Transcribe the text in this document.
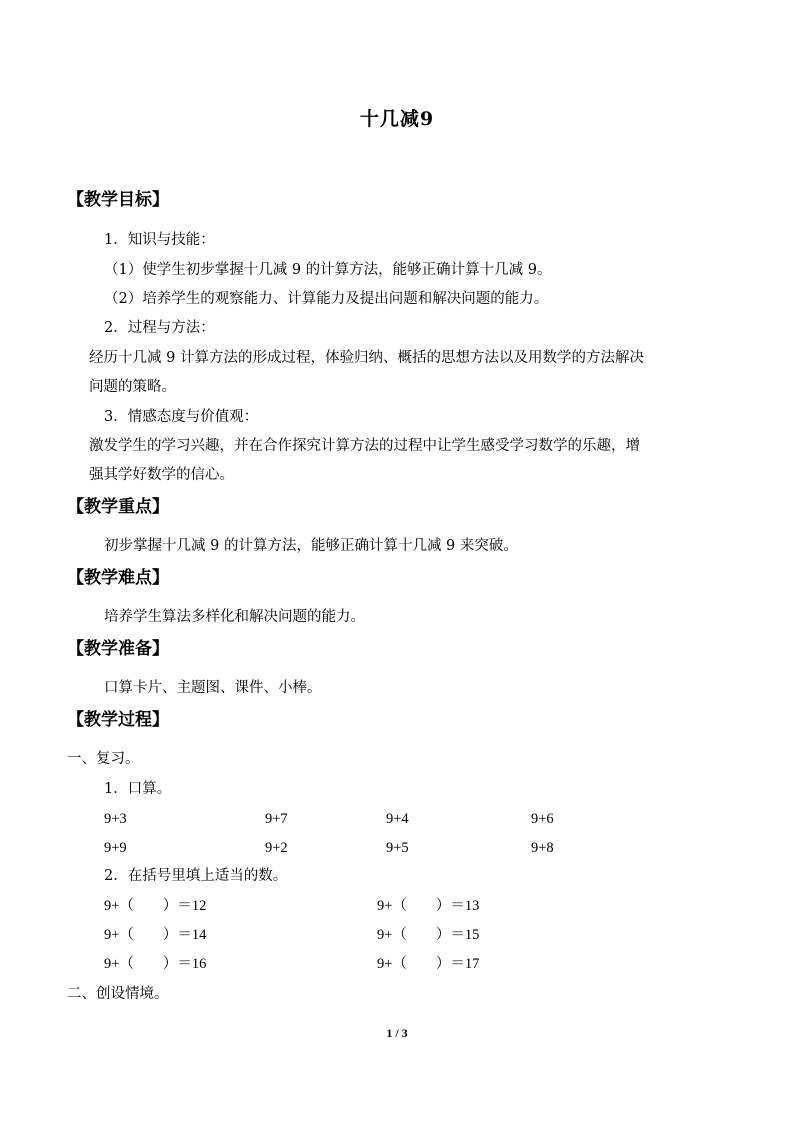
十几减9
【教学目标】
1．知识与技能：
（1）使学生初步掌握十几减 9 的计算方法，能够正确计算十几减 9。
（2）培养学生的观察能力、计算能力及提出问题和解决问题的能力。
2．过程与方法：
经历十几减 9 计算方法的形成过程，体验归纳、概括的思想方法以及用数学的方法解决
问题的策略。
3．情感态度与价值观：
激发学生的学习兴趣，并在合作探究计算方法的过程中让学生感受学习数学的乐趣，增
强其学好数学的信心。
【教学重点】
初步掌握十几减 9 的计算方法，能够正确计算十几减 9 来突破。
【教学难点】
培养学生算法多样化和解决问题的能力。
【教学准备】
口算卡片、主题图、课件、小棒。
【教学过程】
一、复习。
1．口算。
9+3	9+7	9+4	9+6
9+9	9+2	9+5	9+8
2．在括号里填上适当的数。
9+（　　）＝12	9+（　　）＝13
9+（　　）＝14	9+（　　）＝15
9+（　　）＝16	9+（　　）＝17
二、创设情境。
1 / 3
